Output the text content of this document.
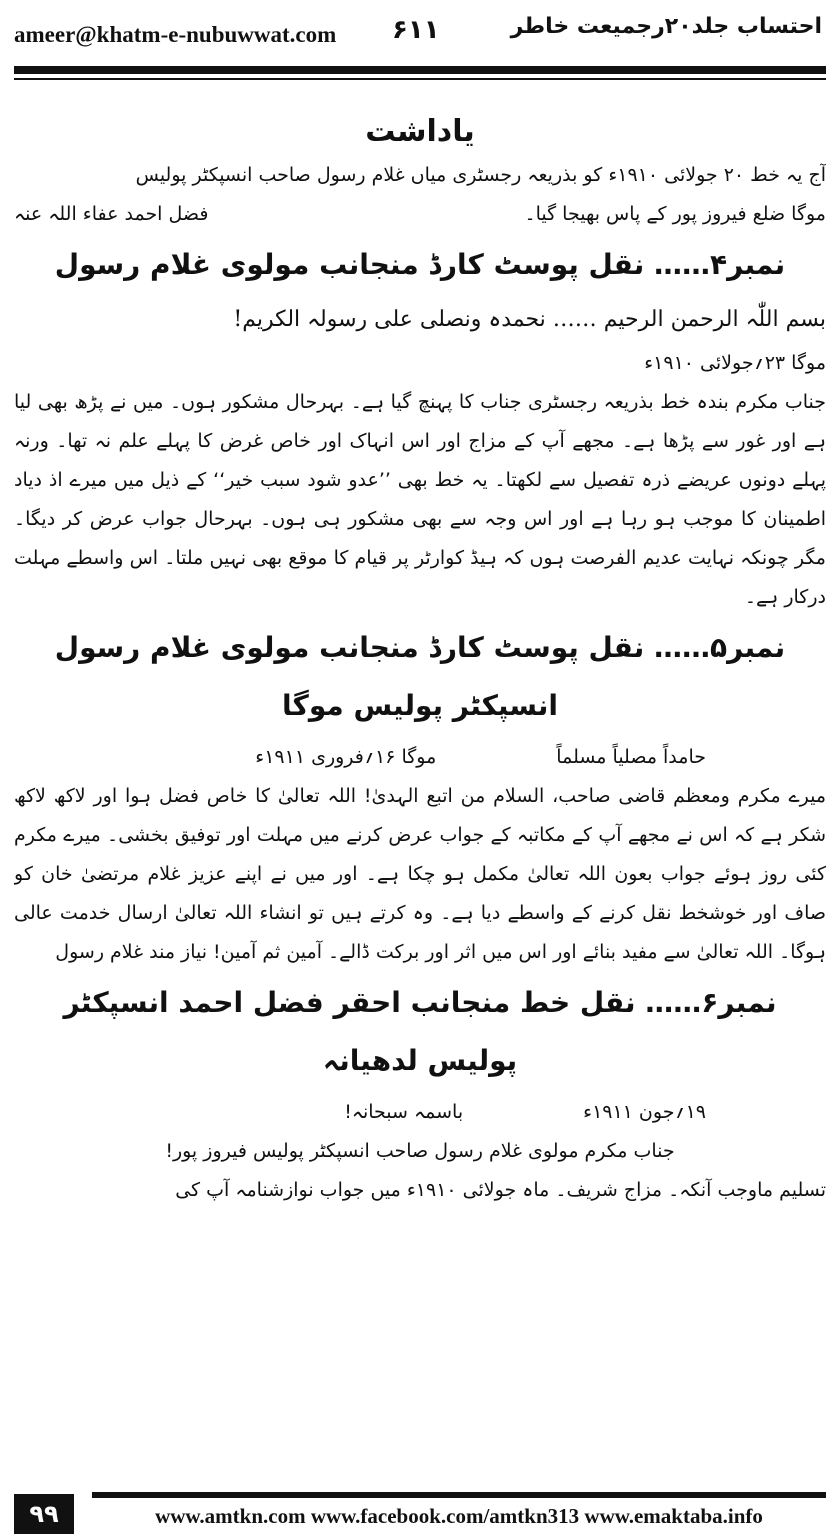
ameer@khatm-e-nubuwwat.com ۶۱۱	احتساب جلد۲۰رجمیعت خاطر
یاداشت
آج یہ خط ۲۰ جولائی ۱۹۱۰ء کو بذریعہ رجسٹری میاں غلام رسول صاحب انسپکٹر پولیس
موگا ضلع فیروز پور کے پاس بھیجا گیا۔
فضل احمد عفاء اللہ عنہ
نمبر۴…… نقل پوسٹ کارڈ منجانب مولوی غلام رسول
بسم اللّٰہ الرحمن الرحیم …… نحمدہ ونصلی علی رسولہ الکریم!
موگا ۲۳؍جولائی ۱۹۱۰ء
جناب مکرم بندہ خط بذریعہ رجسٹری جناب کا پہنچ گیا ہے۔ بہرحال مشکور ہوں۔ میں نے پڑھ بھی لیا ہے اور غور سے پڑھا ہے۔ مجھے آپ کے مزاج اور اس انہاک اور خاص غرض کا پہلے علم نہ تھا۔ ورنہ پہلے دونوں عریضے ذرہ تفصیل سے لکھتا۔ یہ خط بھی ’’عدو شود سبب خیر‘‘ کے ذیل میں میرے اذ دیاد اطمینان کا موجب ہو رہا ہے اور اس وجہ سے بھی مشکور ہی ہوں۔ بہرحال جواب عرض کر دیگا۔ مگر چونکہ نہایت عدیم الفرصت ہوں کہ ہیڈ کوارٹر پر قیام کا موقع بھی نہیں ملتا۔ اس واسطے مہلت درکار ہے۔
نمبر۵…… نقل پوسٹ کارڈ منجانب مولوی غلام رسول انسپکٹر پولیس موگا
حامداً مصلیاً مسلماً
موگا ۱۶؍فروری ۱۹۱۱ء
میرے مکرم ومعظم قاضی صاحب، السلام من اتبع الہدیٰ! اللہ تعالیٰ کا خاص فضل ہوا اور لاکھ لاکھ شکر ہے کہ اس نے مجھے آپ کے مکاتبہ کے جواب عرض کرنے میں مہلت اور توفیق بخشی۔ میرے مکرم کئی روز ہوئے جواب بعون اللہ تعالیٰ مکمل ہو چکا ہے۔ اور میں نے اپنے عزیز غلام مرتضیٰ خان کو صاف اور خوشخط نقل کرنے کے واسطے دیا ہے۔ وہ کرتے ہیں تو انشاء اللہ تعالیٰ ارسال خدمت عالی ہوگا۔ اللہ تعالیٰ سے مفید بنائے اور اس میں اثر اور برکت ڈالے۔ آمین ثم آمین! نیاز مند غلام رسول
نمبر۶…… نقل خط منجانب احقر فضل احمد انسپکٹر پولیس لدھیانہ
۱۹؍جون ۱۹۱۱ء
باسمہ سبحانہ!
جناب مکرم مولوی غلام رسول صاحب انسپکٹر پولیس فیروز پور!
تسلیم ماوجب آنکہ۔ مزاج شریف۔ ماہ جولائی ۱۹۱۰ء میں جواب نوازشنامہ آپ کی
۹۹	www.amtkn.com www.facebook.com/amtkn313 www.emaktaba.info
